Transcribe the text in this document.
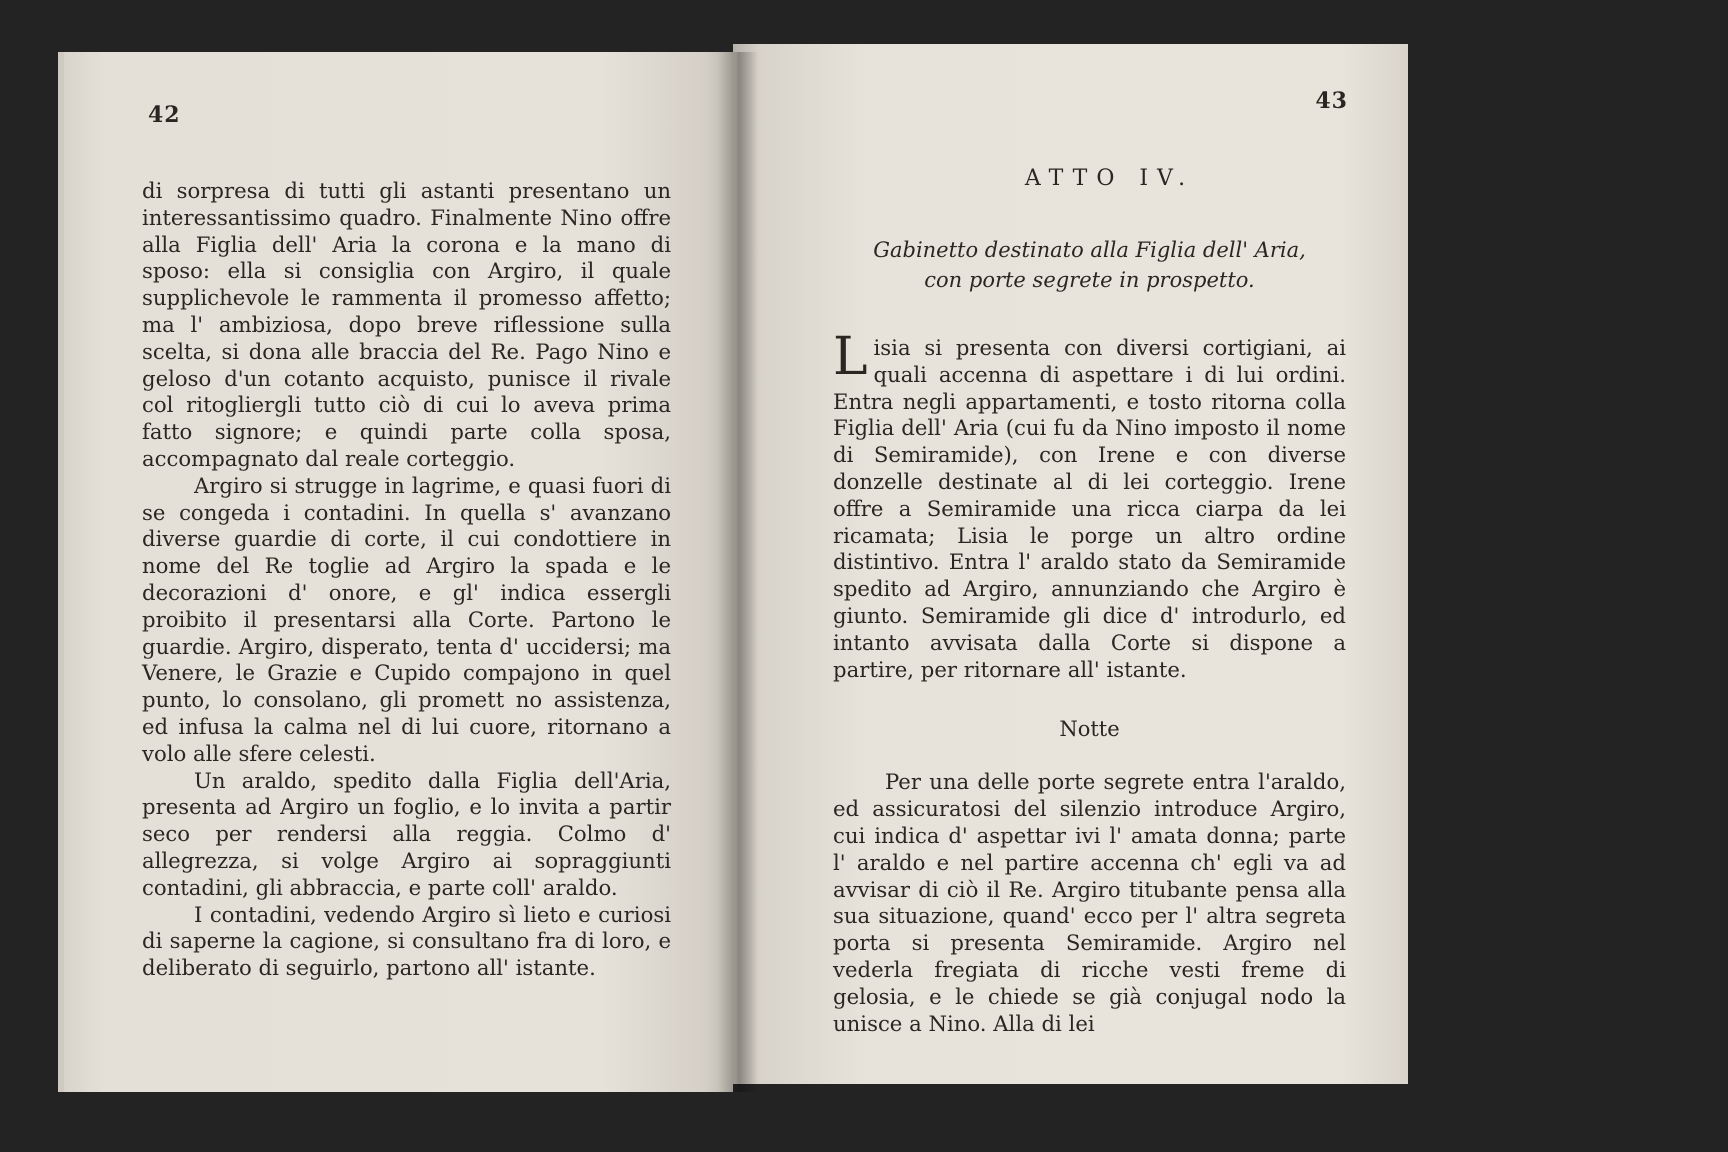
42

di sorpresa di tutti gli astanti presentano un interessantissimo quadro. Finalmente Nino offre alla Figlia dell' Aria la corona e la mano di sposo: ella si consiglia con Argiro, il quale supplichevole le rammenta il promesso affetto; ma l' ambiziosa, dopo breve riflessione sulla scelta, si dona alle braccia del Re. Pago Nino e geloso d'un cotanto acquisto, punisce il rivale col ritogliergli tutto ciò di cui lo aveva prima fatto signore; e quindi parte colla sposa, accompagnato dal reale corteggio.

Argiro si strugge in lagrime, e quasi fuori di se congeda i contadini. In quella s' avanzano diverse guardie di corte, il cui condottiere in nome del Re toglie ad Argiro la spada e le decorazioni d' onore, e gl' indica essergli proibito il presentarsi alla Corte. Partono le guardie. Argiro, disperato, tenta d' uccidersi; ma Venere, le Grazie e Cupido compajono in quel punto, lo consolano, gli promett no assistenza, ed infusa la calma nel di lui cuore, ritornano a volo alle sfere celesti.

Un araldo, spedito dalla Figlia dell'Aria, presenta ad Argiro un foglio, e lo invita a partir seco per rendersi alla reggia. Colmo d' allegrezza, si volge Argiro ai sopraggiunti contadini, gli abbraccia, e parte coll' araldo.

I contadini, vedendo Argiro sì lieto e curiosi di saperne la cagione, si consultano fra di loro, e deliberato di seguirlo, partono all' istante.

43
ATTO IV.
Gabinetto destinato alla Figlia dell' Aria,
con porte segrete in prospetto.

Lisia si presenta con diversi cortigiani, ai quali accenna di aspettare i di lui ordini. Entra negli appartamenti, e tosto ritorna colla Figlia dell' Aria (cui fu da Nino imposto il nome di Semiramide), con Irene e con diverse donzelle destinate al di lei corteggio. Irene offre a Semiramide una ricca ciarpa da lei ricamata; Lisia le porge un altro ordine distintivo. Entra l' araldo stato da Semiramide spedito ad Argiro, annunziando che Argiro è giunto. Semiramide gli dice d' introdurlo, ed intanto avvisata dalla Corte si dispone a partire, per ritornare all' istante.

Notte

Per una delle porte segrete entra l'araldo, ed assicuratosi del silenzio introduce Argiro, cui indica d' aspettar ivi l' amata donna; parte l' araldo e nel partire accenna ch' egli va ad avvisar di ciò il Re. Argiro titubante pensa alla sua situazione, quand' ecco per l' altra segreta porta si presenta Semiramide. Argiro nel vederla fregiata di ricche vesti freme di gelosia, e le chiede se già conjugal nodo la unisce a Nino. Alla di lei
